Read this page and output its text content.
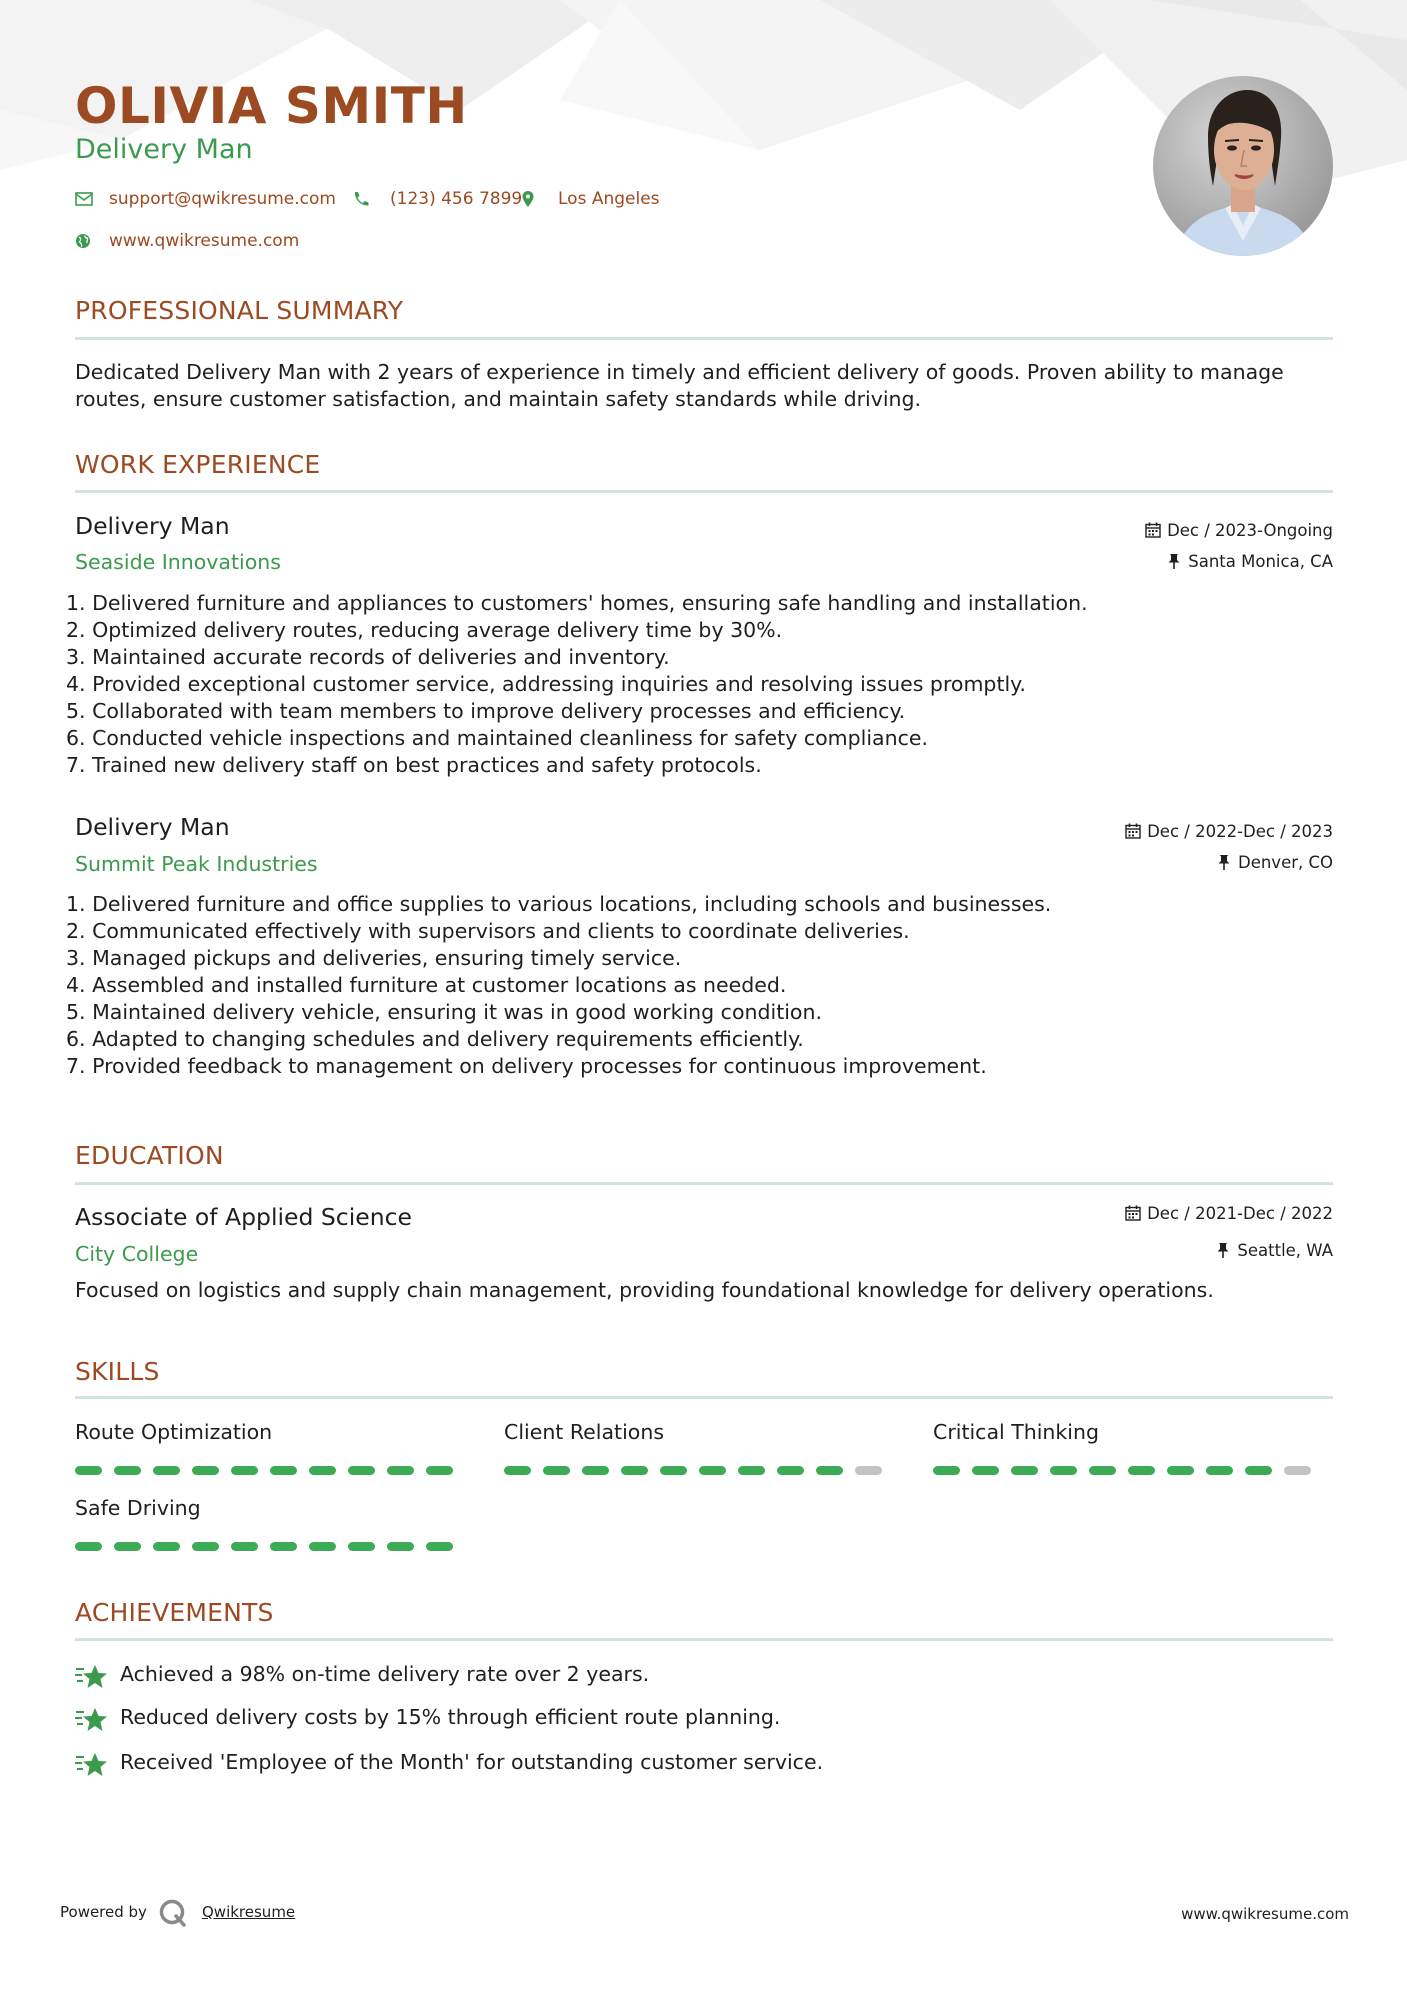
OLIVIA SMITH
Delivery Man
support@qwikresume.com	(123) 456 7899 Los Angeles
www.qwikresume.com
PROFESSIONAL SUMMARY
Dedicated Delivery Man with 2 years of experience in timely and efficient delivery of goods. Proven ability to manage
routes, ensure customer satisfaction, and maintain safety standards while driving.
WORK EXPERIENCE
Delivery Man
Seaside Innovations
Dec / 2023-Ongoing
Santa Monica, CA
1. Delivered furniture and appliances to customers' homes, ensuring safe handling and installation.
2. Optimized delivery routes, reducing average delivery time by 30%.
3. Maintained accurate records of deliveries and inventory.
4. Provided exceptional customer service, addressing inquiries and resolving issues promptly.
5. Collaborated with team members to improve delivery processes and efficiency.
6. Conducted vehicle inspections and maintained cleanliness for safety compliance.
7. Trained new delivery staff on best practices and safety protocols.
Delivery Man
Summit Peak Industries
Dec / 2022-Dec / 2023
Denver, CO
1. Delivered furniture and office supplies to various locations, including schools and businesses.
2. Communicated effectively with supervisors and clients to coordinate deliveries.
3. Managed pickups and deliveries, ensuring timely service.
4. Assembled and installed furniture at customer locations as needed.
5. Maintained delivery vehicle, ensuring it was in good working condition.
6. Adapted to changing schedules and delivery requirements efficiently.
7. Provided feedback to management on delivery processes for continuous improvement.
EDUCATION
Associate of Applied Science
City College
Dec / 2021-Dec / 2022
Seattle, WA
Focused on logistics and supply chain management, providing foundational knowledge for delivery operations.
SKILLS
Route Optimization	Client Relations	Critical Thinking
Safe Driving
ACHIEVEMENTS
Achieved a 98% on-time delivery rate over 2 years.
Reduced delivery costs by 15% through efficient route planning.
Received 'Employee of the Month' for outstanding customer service.
Powered by	Qwikresume	www.qwikresume.com
